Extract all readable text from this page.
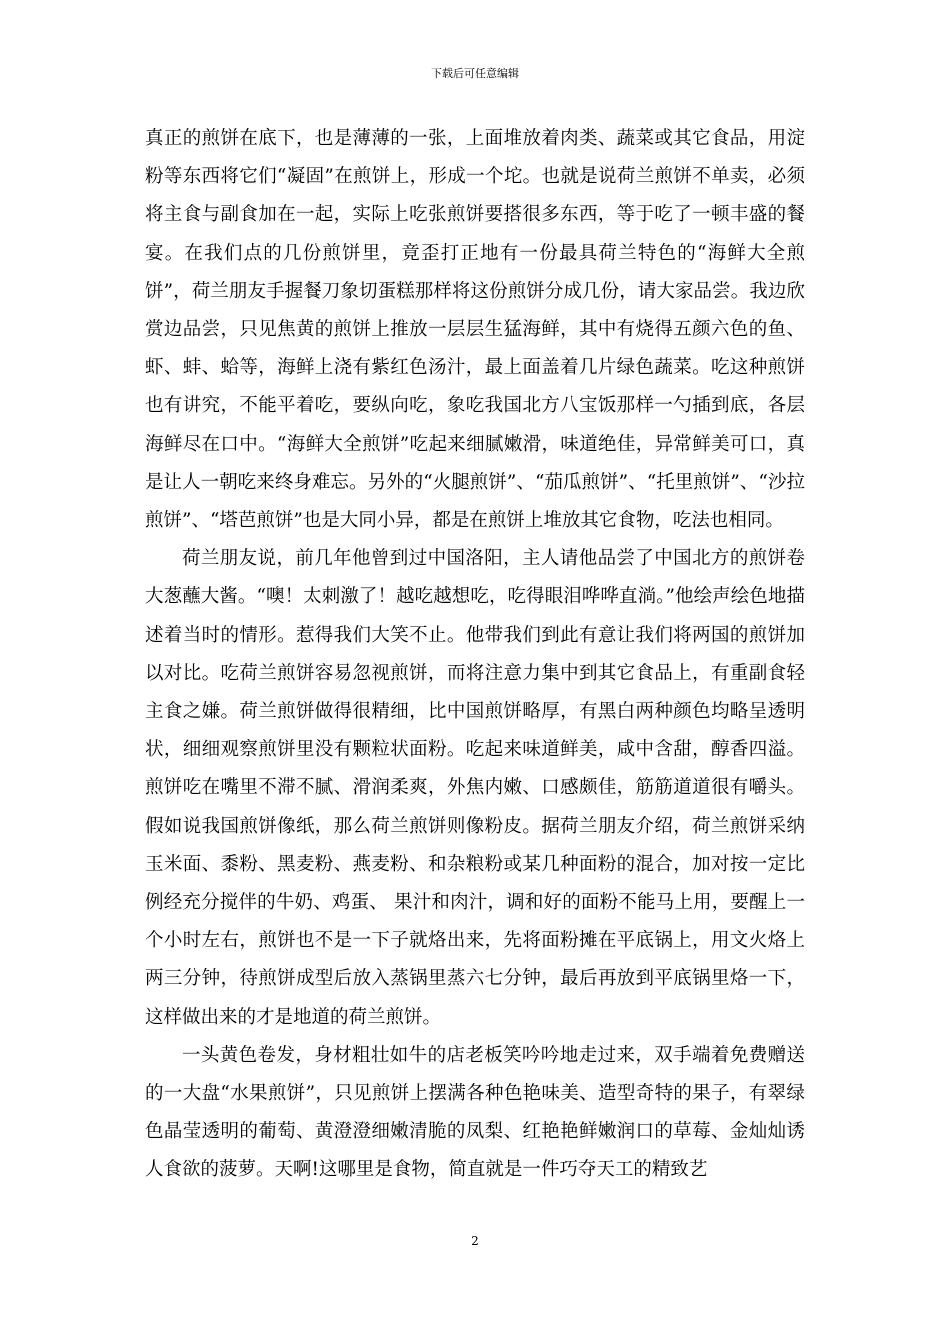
下载后可任意编辑

真正的煎饼在底下，也是薄薄的一张，上面堆放着肉类、蔬菜或其它食品，用淀粉等东西将它们“凝固”在煎饼上，形成一个坨。也就是说荷兰煎饼不单卖，必须将主食与副食加在一起，实际上吃张煎饼要搭很多东西，等于吃了一顿丰盛的餐宴。在我们点的几份煎饼里，竟歪打正地有一份最具荷兰特色的“海鲜大全煎饼”，荷兰朋友手握餐刀象切蛋糕那样将这份煎饼分成几份，请大家品尝。我边欣赏边品尝，只见焦黄的煎饼上推放一层层生猛海鲜，其中有烧得五颜六色的鱼、虾、蚌、蛤等，海鲜上浇有紫红色汤汁，最上面盖着几片绿色蔬菜。吃这种煎饼也有讲究，不能平着吃，要纵向吃，象吃我国北方八宝饭那样一勺插到底，各层海鲜尽在口中。“海鲜大全煎饼”吃起来细腻嫩滑，味道绝佳，异常鲜美可口，真是让人一朝吃来终身难忘。另外的“火腿煎饼”、“茄瓜煎饼”、“托里煎饼”、“沙拉煎饼”、“塔芭煎饼”也是大同小异，都是在煎饼上堆放其它食物，吃法也相同。

荷兰朋友说，前几年他曾到过中国洛阳，主人请他品尝了中国北方的煎饼卷大葱蘸大酱。“噢！太刺激了！越吃越想吃，吃得眼泪哗哗直淌。”他绘声绘色地描述着当时的情形。惹得我们大笑不止。他带我们到此有意让我们将两国的煎饼加以对比。吃荷兰煎饼容易忽视煎饼，而将注意力集中到其它食品上，有重副食轻主食之嫌。荷兰煎饼做得很精细，比中国煎饼略厚，有黑白两种颜色均略呈透明状，细细观察煎饼里没有颗粒状面粉。吃起来味道鲜美，咸中含甜，醇香四溢。煎饼吃在嘴里不滞不腻、滑润柔爽，外焦内嫩、口感颇佳，筋筋道道很有嚼头。假如说我国煎饼像纸，那么荷兰煎饼则像粉皮。据荷兰朋友介绍，荷兰煎饼采纳玉米面、黍粉、黑麦粉、燕麦粉、和杂粮粉或某几种面粉的混合，加对按一定比例经充分搅伴的牛奶、鸡蛋、 果汁和肉汁，调和好的面粉不能马上用，要醒上一个小时左右，煎饼也不是一下子就烙出来，先将面粉摊在平底锅上，用文火烙上两三分钟，待煎饼成型后放入蒸锅里蒸六七分钟，最后再放到平底锅里烙一下，这样做出来的才是地道的荷兰煎饼。

一头黄色卷发，身材粗壮如牛的店老板笑吟吟地走过来，双手端着免费赠送的一大盘“水果煎饼”，只见煎饼上摆满各种色艳味美、造型奇特的果子，有翠绿色晶莹透明的葡萄、黄澄澄细嫩清脆的凤梨、红艳艳鲜嫩润口的草莓、金灿灿诱人食欲的菠萝。天啊!这哪里是食物，简直就是一件巧夺天工的精致艺

2
